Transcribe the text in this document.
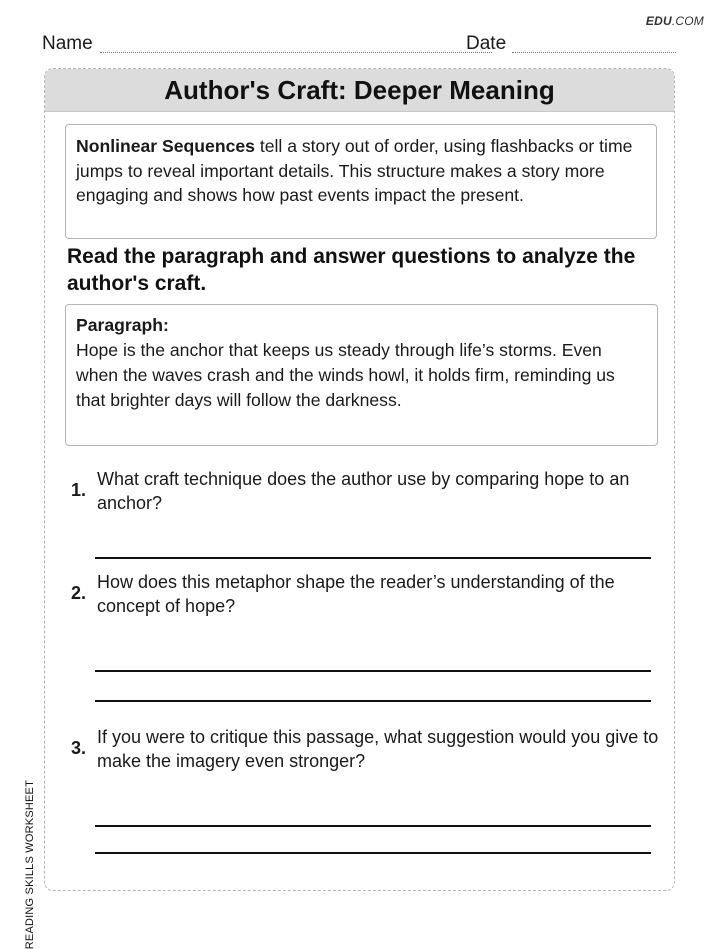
EDU.COM
Name	Date
Author's Craft: Deeper Meaning
Nonlinear Sequences tell a story out of order, using flashbacks or time jumps to reveal important details. This structure makes a story more engaging and shows how past events impact the present.
Read the paragraph and answer questions to analyze the author's craft.
Paragraph:
Hope is the anchor that keeps us steady through life’s storms. Even when the waves crash and the winds howl, it holds firm, reminding us that brighter days will follow the darkness.
1.
What craft technique does the author use by comparing hope to an anchor?
2.
How does this metaphor shape the reader’s understanding of the concept of hope?
3.
If you were to critique this passage, what suggestion would you give to make the imagery even stronger?
READING SKILLS WORKSHEET
